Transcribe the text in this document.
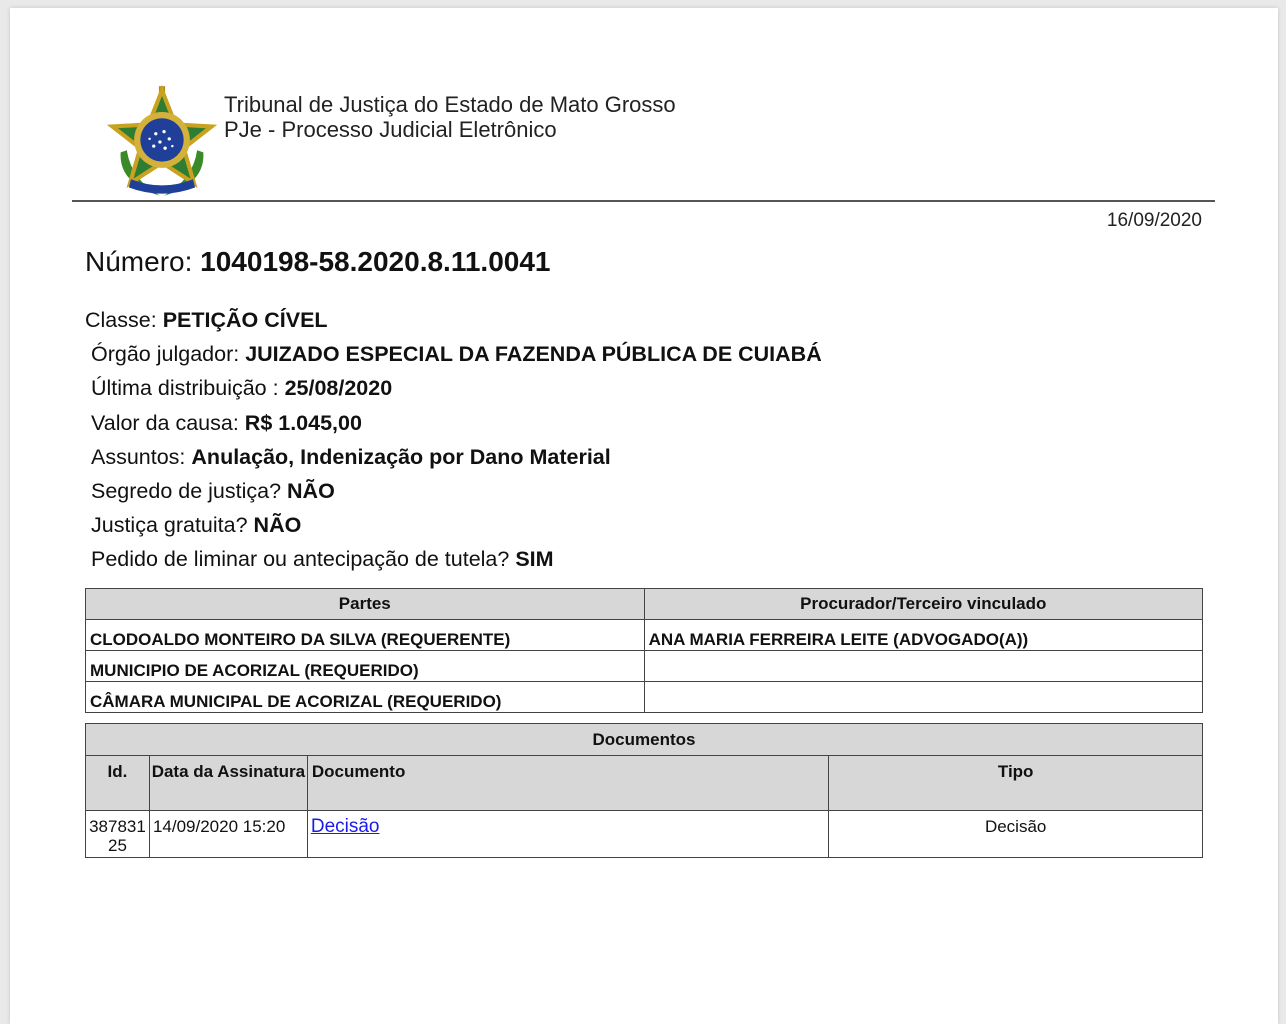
Tribunal de Justiça do Estado de Mato Grosso
PJe - Processo Judicial Eletrônico
16/09/2020
Número: 1040198-58.2020.8.11.0041
Classe: PETIÇÃO CÍVEL
Órgão julgador: JUIZADO ESPECIAL DA FAZENDA PÚBLICA DE CUIABÁ
Última distribuição : 25/08/2020
Valor da causa: R$ 1.045,00
Assuntos: Anulação, Indenização por Dano Material
Segredo de justiça? NÃO
Justiça gratuita? NÃO
Pedido de liminar ou antecipação de tutela? SIM
Partes	Procurador/Terceiro vinculado
CLODOALDO MONTEIRO DA SILVA (REQUERENTE)	ANA MARIA FERREIRA LEITE (ADVOGADO(A))
MUNICIPIO DE ACORIZAL (REQUERIDO)	
CÂMARA MUNICIPAL DE ACORIZAL (REQUERIDO)	
Documentos			
Id.	Data da Assinatura	Documento	Tipo
38783125	14/09/2020 15:20	Decisão	Decisão
